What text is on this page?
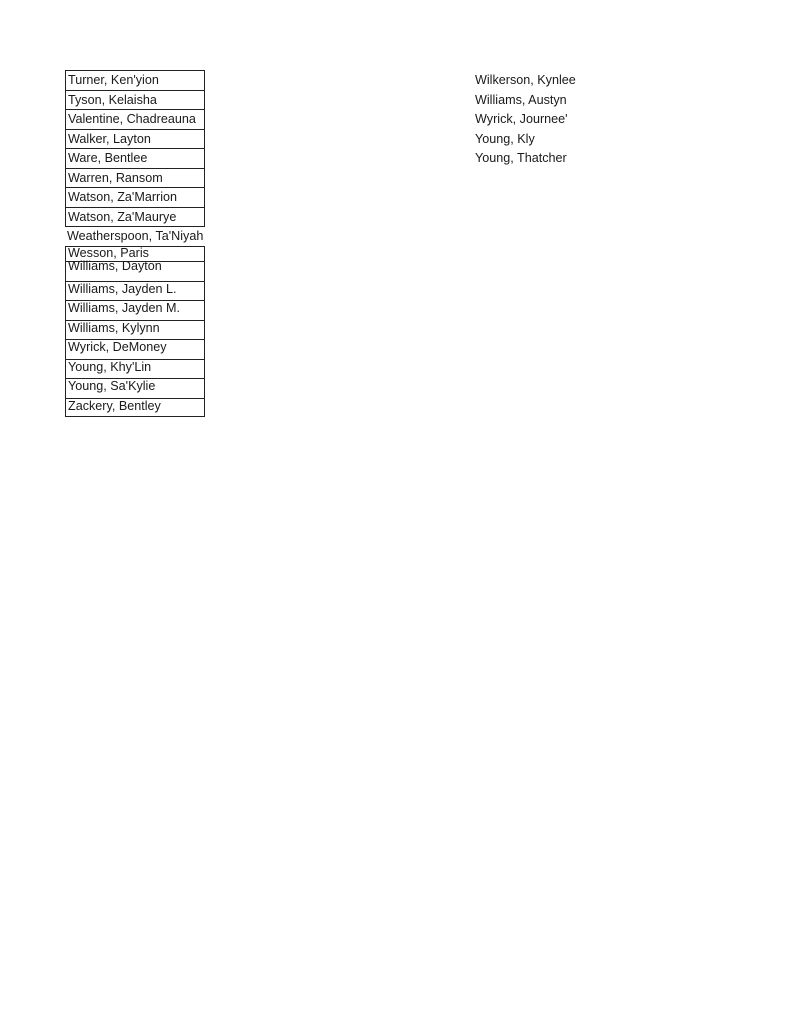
Turner, Ken'yion
Tyson, Kelaisha
Valentine, Chadreauna
Walker, Layton
Ware, Bentlee
Warren, Ransom
Watson, Za'Marrion
Watson, Za'Maurye
Weatherspoon, Ta'Niyah
Wesson, Paris
Williams, Dayton
Williams, Jayden L.
Williams, Jayden M.
Williams, Kylynn
Wyrick, DeMoney
Young, Khy'Lin
Young, Sa'Kylie
Zackery, Bentley
Wilkerson, Kynlee
Williams, Austyn
Wyrick, Journee'
Young, Kly
Young, Thatcher
